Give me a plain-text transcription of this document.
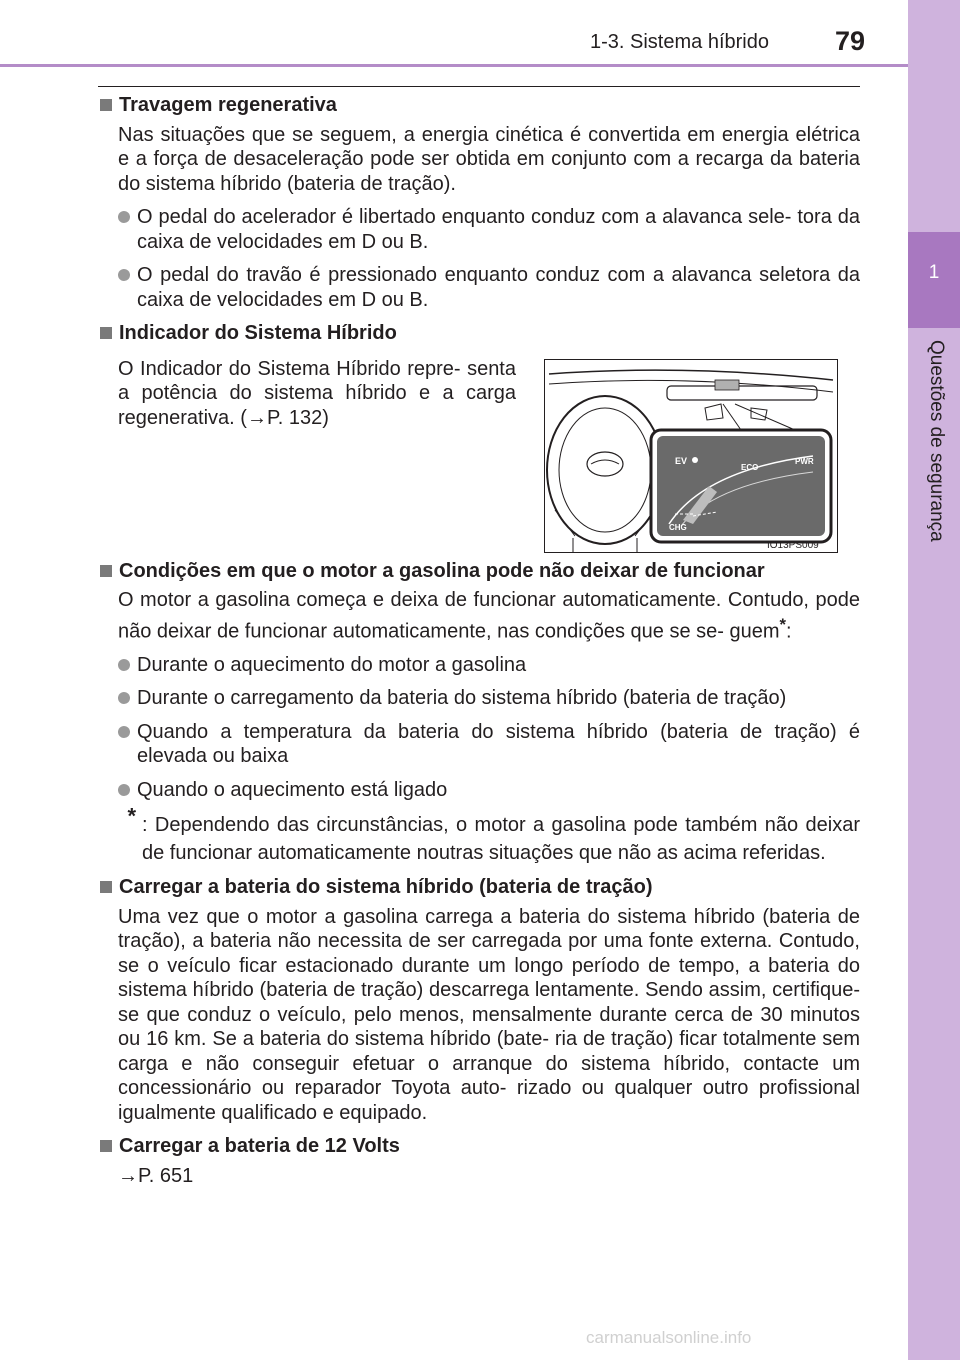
1-3. Sistema híbrido 79
1
Questões de segurança
Travagem regenerativa
Nas situações que se seguem, a energia cinética é convertida em energia elétrica e a força de desaceleração pode ser obtida em conjunto com a recarga da bateria do sistema híbrido (bateria de tração).
O pedal do acelerador é libertado enquanto conduz com a alavanca sele- tora da caixa de velocidades em D ou B.
O pedal do travão é pressionado enquanto conduz com a alavanca seletora da caixa de velocidades em D ou B.
Indicador do Sistema Híbrido
O Indicador do Sistema Híbrido repre- senta a potência do sistema híbrido e a carga regenerativa. (→P. 132)
EV
ECO
PWR
CHG
IO13PS009
Condições em que o motor a gasolina pode não deixar de funcionar
O motor a gasolina começa e deixa de funcionar automaticamente. Contudo, pode não deixar de funcionar automaticamente, nas condições que se se- guem*:
Durante o aquecimento do motor a gasolina
Durante o carregamento da bateria do sistema híbrido (bateria de tração)
Quando a temperatura da bateria do sistema híbrido (bateria de tração) é elevada ou baixa
Quando o aquecimento está ligado
* : Dependendo das circunstâncias, o motor a gasolina pode também não deixar de funcionar automaticamente noutras situações que não as acima referidas.
Carregar a bateria do sistema híbrido (bateria de tração)
Uma vez que o motor a gasolina carrega a bateria do sistema híbrido (bateria de tração), a bateria não necessita de ser carregada por uma fonte externa. Contudo, se o veículo ficar estacionado durante um longo período de tempo, a bateria do sistema híbrido (bateria de tração) descarrega lentamente. Sendo assim, certifique-se que conduz o veículo, pelo menos, mensalmente durante cerca de 30 minutos ou 16 km. Se a bateria do sistema híbrido (bate- ria de tração) ficar totalmente sem carga e não conseguir efetuar o arranque do sistema híbrido, contacte um concessionário ou reparador Toyota auto- rizado ou qualquer outro profissional igualmente qualificado e equipado.
Carregar a bateria de 12 Volts
→P. 651
carmanualsonline.info
